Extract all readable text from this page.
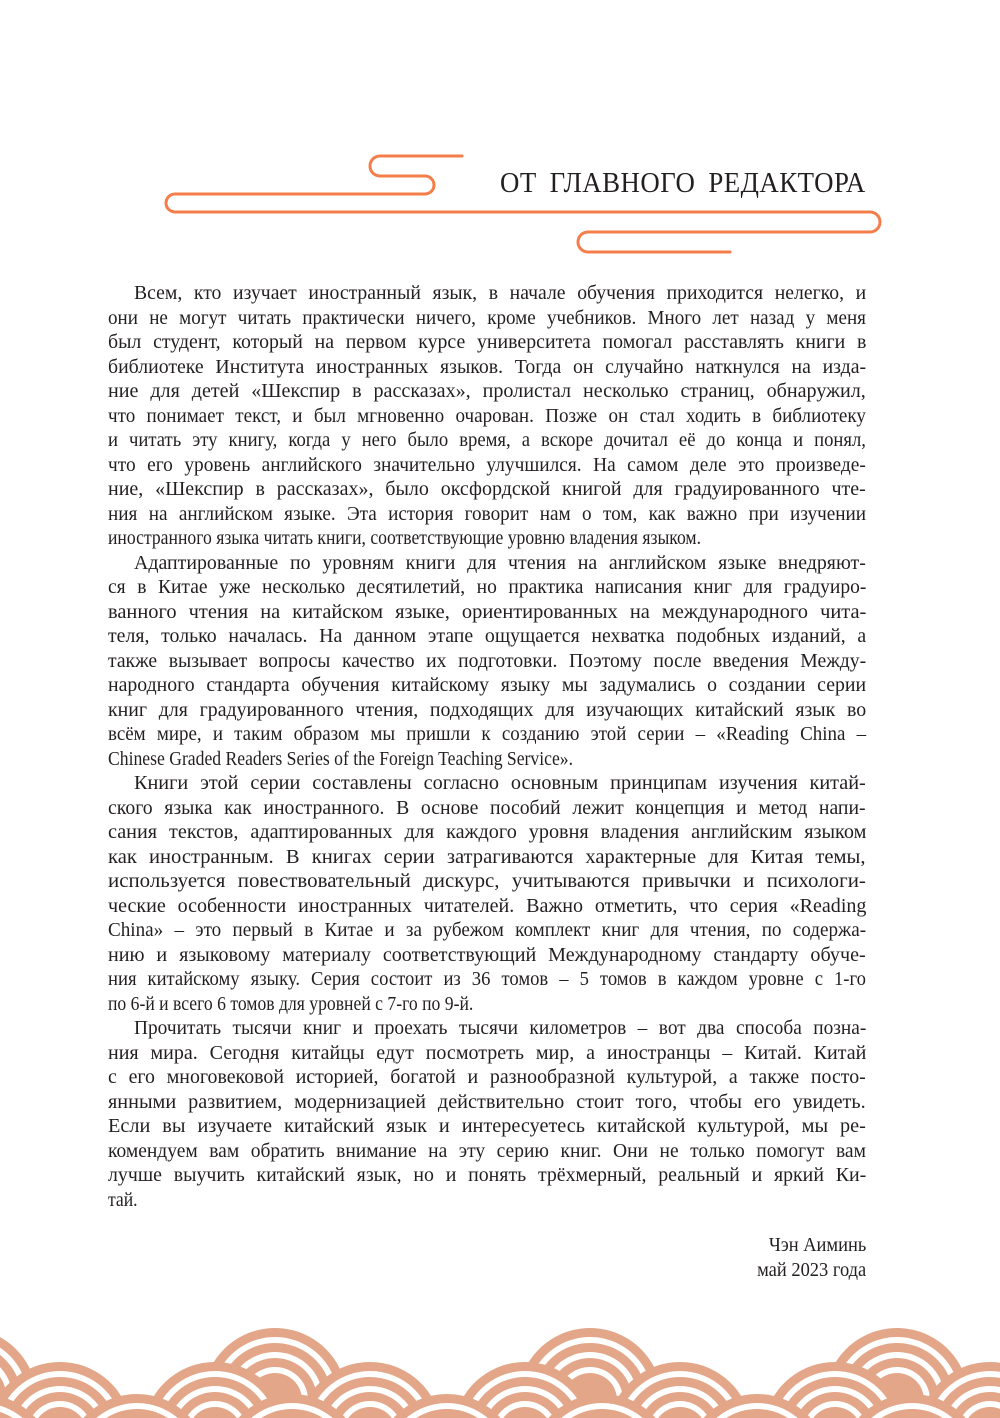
ОТ ГЛАВНОГО РЕДАКТОРА
Всем, кто изучает иностранный язык, в начале обучения приходится нелегко, и
они не могут читать практически ничего, кроме учебников. Много лет назад у меня
был студент, который на первом курсе университета помогал расставлять книги в
библиотеке Института иностранных языков. Тогда он случайно наткнулся на изда-
ние для детей «Шекспир в рассказах», пролистал несколько страниц, обнаружил,
что понимает текст, и был мгновенно очарован. Позже он стал ходить в библиотеку
и читать эту книгу, когда у него было время, а вскоре дочитал её до конца и понял,
что его уровень английского значительно улучшился. На самом деле это произведе-
ние, «Шекспир в рассказах», было оксфордской книгой для градуированного чте-
ния на английском языке. Эта история говорит нам о том, как важно при изучении
иностранного языка читать книги, соответствующие уровню владения языком.
Адаптированные по уровням книги для чтения на английском языке внедряют-
ся в Китае уже несколько десятилетий, но практика написания книг для градуиро-
ванного чтения на китайском языке, ориентированных на международного чита-
теля, только началась. На данном этапе ощущается нехватка подобных изданий, а
также вызывает вопросы качество их подготовки. Поэтому после введения Между-
народного стандарта обучения китайскому языку мы задумались о создании серии
книг для градуированного чтения, подходящих для изучающих китайский язык во
всём мире, и таким образом мы пришли к созданию этой серии – «Reading China –
Chinese Graded Readers Series of the Foreign Teaching Service».
Книги этой серии составлены согласно основным принципам изучения китай-
ского языка как иностранного. В основе пособий лежит концепция и метод напи-
сания текстов, адаптированных для каждого уровня владения английским языком
как иностранным. В книгах серии затрагиваются характерные для Китая темы,
используется повествовательный дискурс, учитываются привычки и психологи-
ческие особенности иностранных читателей. Важно отметить, что серия «Reading
China» – это первый в Китае и за рубежом комплект книг для чтения, по содержа-
нию и языковому материалу соответствующий Международному стандарту обуче-
ния китайскому языку. Серия состоит из 36 томов – 5 томов в каждом уровне с 1-го
по 6-й и всего 6 томов для уровней с 7-го по 9-й.
Прочитать тысячи книг и проехать тысячи километров – вот два способа позна-
ния мира. Сегодня китайцы едут посмотреть мир, а иностранцы – Китай. Китай
с его многовековой историей, богатой и разнообразной культурой, а также посто-
янными развитием, модернизацией действительно стоит того, чтобы его увидеть.
Если вы изучаете китайский язык и интересуетесь китайской культурой, мы ре-
комендуем вам обратить внимание на эту серию книг. Они не только помогут вам
лучше выучить китайский язык, но и понять трёхмерный, реальный и яркий Ки-
тай.
Чэн Аиминь
май 2023 года
